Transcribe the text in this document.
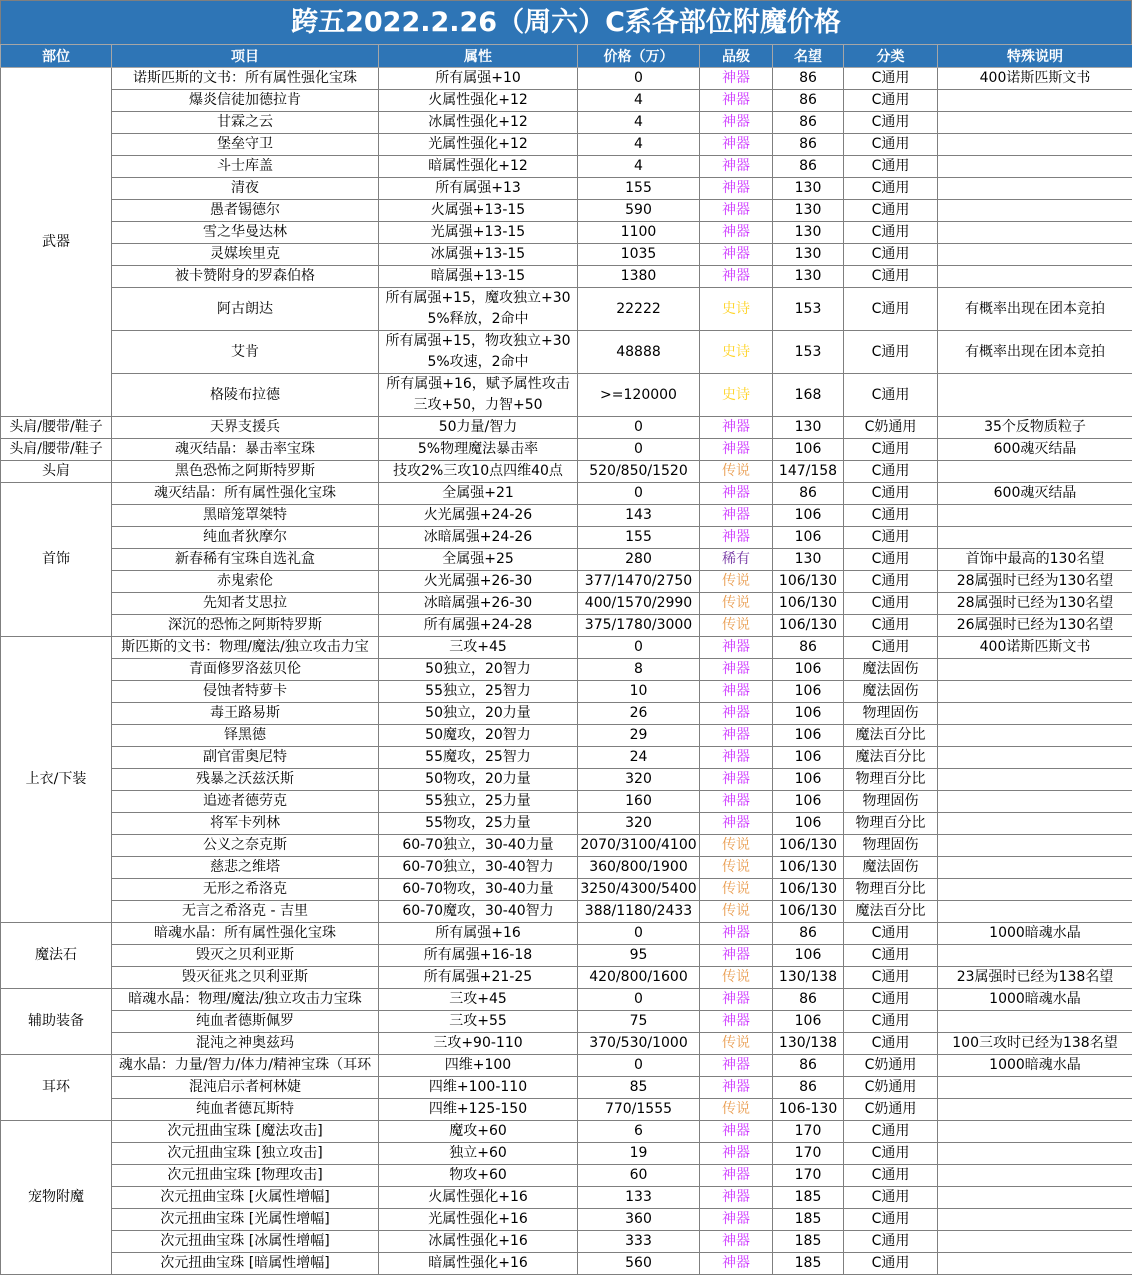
跨五2022.2.26（周六）C系各部位附魔价格
部位	项目	属性	价格（万）	品级	名望	分类	特殊说明
武器	诺斯匹斯的文书：所有属性强化宝珠	所有属强+10	0	神器	86	C通用	400诺斯匹斯文书
	爆炎信徒加德拉肯	火属性强化+12	4	神器	86	C通用	
	甘霖之云	冰属性强化+12	4	神器	86	C通用	
	堡垒守卫	光属性强化+12	4	神器	86	C通用	
	斗士库盖	暗属性强化+12	4	神器	86	C通用	
	清夜	所有属强+13	155	神器	130	C通用	
	愚者锡德尔	火属强+13-15	590	神器	130	C通用	
	雪之华曼达林	光属强+13-15	1100	神器	130	C通用	
	灵媒埃里克	冰属强+13-15	1035	神器	130	C通用	
	被卡赞附身的罗森伯格	暗属强+13-15	1380	神器	130	C通用	
	阿古朗达	所有属强+15，魔攻独立+30 5%释放，2命中	22222	史诗	153	C通用	有概率出现在团本竞拍
	艾肯	所有属强+15，物攻独立+30 5%攻速，2命中	48888	史诗	153	C通用	有概率出现在团本竞拍
	格陵布拉德	所有属强+16，赋予属性攻击 三攻+50，力智+50	>=120000	史诗	168	C通用	
头肩/腰带/鞋子	天界支援兵	50力量/智力	0	神器	130	C奶通用	35个反物质粒子
头肩/腰带/鞋子	魂灭结晶：暴击率宝珠	5%物理魔法暴击率	0	神器	106	C通用	600魂灭结晶
头肩	黑色恐怖之阿斯特罗斯	技攻2%三攻10点四维40点	520/850/1520	传说	147/158	C通用	
首饰	魂灭结晶：所有属性强化宝珠	全属强+21	0	神器	86	C通用	600魂灭结晶
	黑暗笼罩桀特	火光属强+24-26	143	神器	106	C通用	
	纯血者狄摩尔	冰暗属强+24-26	155	神器	106	C通用	
	新春稀有宝珠自选礼盒	全属强+25	280	稀有	130	C通用	首饰中最高的130名望
	赤鬼索伦	火光属强+26-30	377/1470/2750	传说	106/130	C通用	28属强时已经为130名望
	先知者艾思拉	冰暗属强+26-30	400/1570/2990	传说	106/130	C通用	28属强时已经为130名望
	深沉的恐怖之阿斯特罗斯	所有属强+24-28	375/1780/3000	传说	106/130	C通用	26属强时已经为130名望
上衣/下装	斯匹斯的文书：物理/魔法/独立攻击力宝	三攻+45	0	神器	86	C通用	400诺斯匹斯文书
	青面修罗洛兹贝伦	50独立，20智力	8	神器	106	魔法固伤	
	侵蚀者特萝卡	55独立，25智力	10	神器	106	魔法固伤	
	毒王路易斯	50独立，20力量	26	神器	106	物理固伤	
	铎黑德	50魔攻，20智力	29	神器	106	魔法百分比	
	副官雷奥尼特	55魔攻，25智力	24	神器	106	魔法百分比	
	残暴之沃兹沃斯	50物攻，20力量	320	神器	106	物理百分比	
	追迹者德劳克	55独立，25力量	160	神器	106	物理固伤	
	将军卡列林	55物攻，25力量	320	神器	106	物理百分比	
	公义之奈克斯	60-70独立，30-40力量	2070/3100/4100	传说	106/130	物理固伤	
	慈悲之维塔	60-70独立，30-40智力	360/800/1900	传说	106/130	魔法固伤	
	无形之希洛克	60-70物攻，30-40力量	3250/4300/5400	传说	106/130	物理百分比	
	无言之希洛克 - 吉里	60-70魔攻，30-40智力	388/1180/2433	传说	106/130	魔法百分比	
魔法石	暗魂水晶：所有属性强化宝珠	所有属强+16	0	神器	86	C通用	1000暗魂水晶
	毁灭之贝利亚斯	所有属强+16-18	95	神器	106	C通用	
	毁灭征兆之贝利亚斯	所有属强+21-25	420/800/1600	传说	130/138	C通用	23属强时已经为138名望
辅助装备	暗魂水晶：物理/魔法/独立攻击力宝珠	三攻+45	0	神器	86	C通用	1000暗魂水晶
	纯血者德斯佩罗	三攻+55	75	神器	106	C通用	
	混沌之神奥兹玛	三攻+90-110	370/530/1000	传说	130/138	C通用	100三攻时已经为138名望
耳环	魂水晶：力量/智力/体力/精神宝珠（耳环	四维+100	0	神器	86	C奶通用	1000暗魂水晶
	混沌启示者柯林婕	四维+100-110	85	神器	86	C奶通用	
	纯血者德瓦斯特	四维+125-150	770/1555	传说	106-130	C奶通用	
宠物附魔	次元扭曲宝珠 [魔法攻击]	魔攻+60	6	神器	170	C通用	
	次元扭曲宝珠 [独立攻击]	独立+60	19	神器	170	C通用	
	次元扭曲宝珠 [物理攻击]	物攻+60	60	神器	170	C通用	
	次元扭曲宝珠 [火属性增幅]	火属性强化+16	133	神器	185	C通用	
	次元扭曲宝珠 [光属性增幅]	光属性强化+16	360	神器	185	C通用	
	次元扭曲宝珠 [冰属性增幅]	冰属性强化+16	333	神器	185	C通用	
	次元扭曲宝珠 [暗属性增幅]	暗属性强化+16	560	神器	185	C通用	
